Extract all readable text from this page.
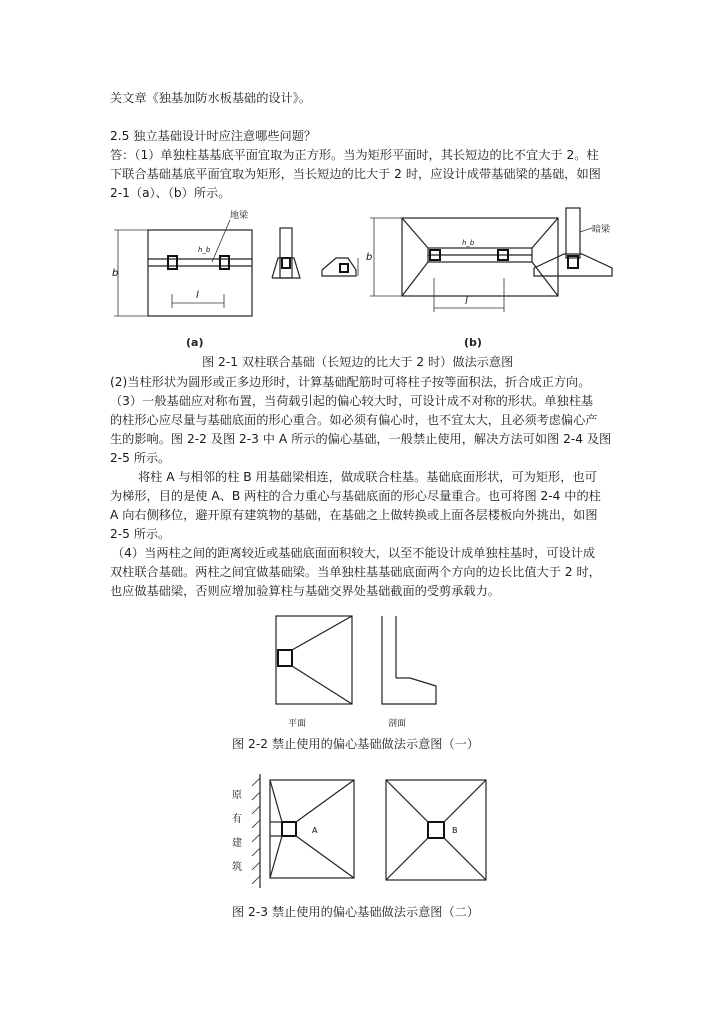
关文章《独基加防水板基础的设计》。
2.5 独立基础设计时应注意哪些问题？
答：（1）单独柱基基底平面宜取为正方形。当为矩形平面时，其长短边的比不宜大于 2。柱
下联合基础基底平面宜取为矩形，当长短边的比大于 2 时，应设计成带基础梁的基础，如图
2-1（a）、（b）所示。
b
地梁
h_b
l
b
h_b
l
暗梁
(a)	(b)
图 2-1 双柱联合基础（长短边的比大于 2 时）做法示意图
(2)当柱形状为圆形或正多边形时，计算基础配筋时可将柱子按等面积法，折合成正方向。
（3）一般基础应对称布置，当荷载引起的偏心较大时，可设计成不对称的形状。单独柱基
的柱形心应尽量与基础底面的形心重合。如必须有偏心时，也不宜太大，且必须考虑偏心产
生的影响。图 2-2 及图 2-3 中 A 所示的偏心基础，一般禁止使用，解决方法可如图 2-4 及图
2-5 所示。
将柱 A 与相邻的柱 B 用基础梁相连，做成联合柱基。基础底面形状，可为矩形，也可
为梯形，目的是使 A、B 两柱的合力重心与基础底面的形心尽量重合。也可将图 2-4 中的柱
A 向右侧移位，避开原有建筑物的基础，在基础之上做转换或上面各层楼板向外挑出，如图
2-5 所示。
（4）当两柱之间的距离较近或基础底面面积较大，以至不能设计成单独柱基时，可设计成
双柱联合基础。两柱之间宜做基础梁。当单独柱基基础底面两个方向的边长比值大于 2 时，
也应做基础梁，否则应增加验算柱与基础交界处基础截面的受剪承载力。
平面	剖面
图 2-2 禁止使用的偏心基础做法示意图（一）
原
有
建
筑
A	B
图 2-3 禁止使用的偏心基础做法示意图（二）
